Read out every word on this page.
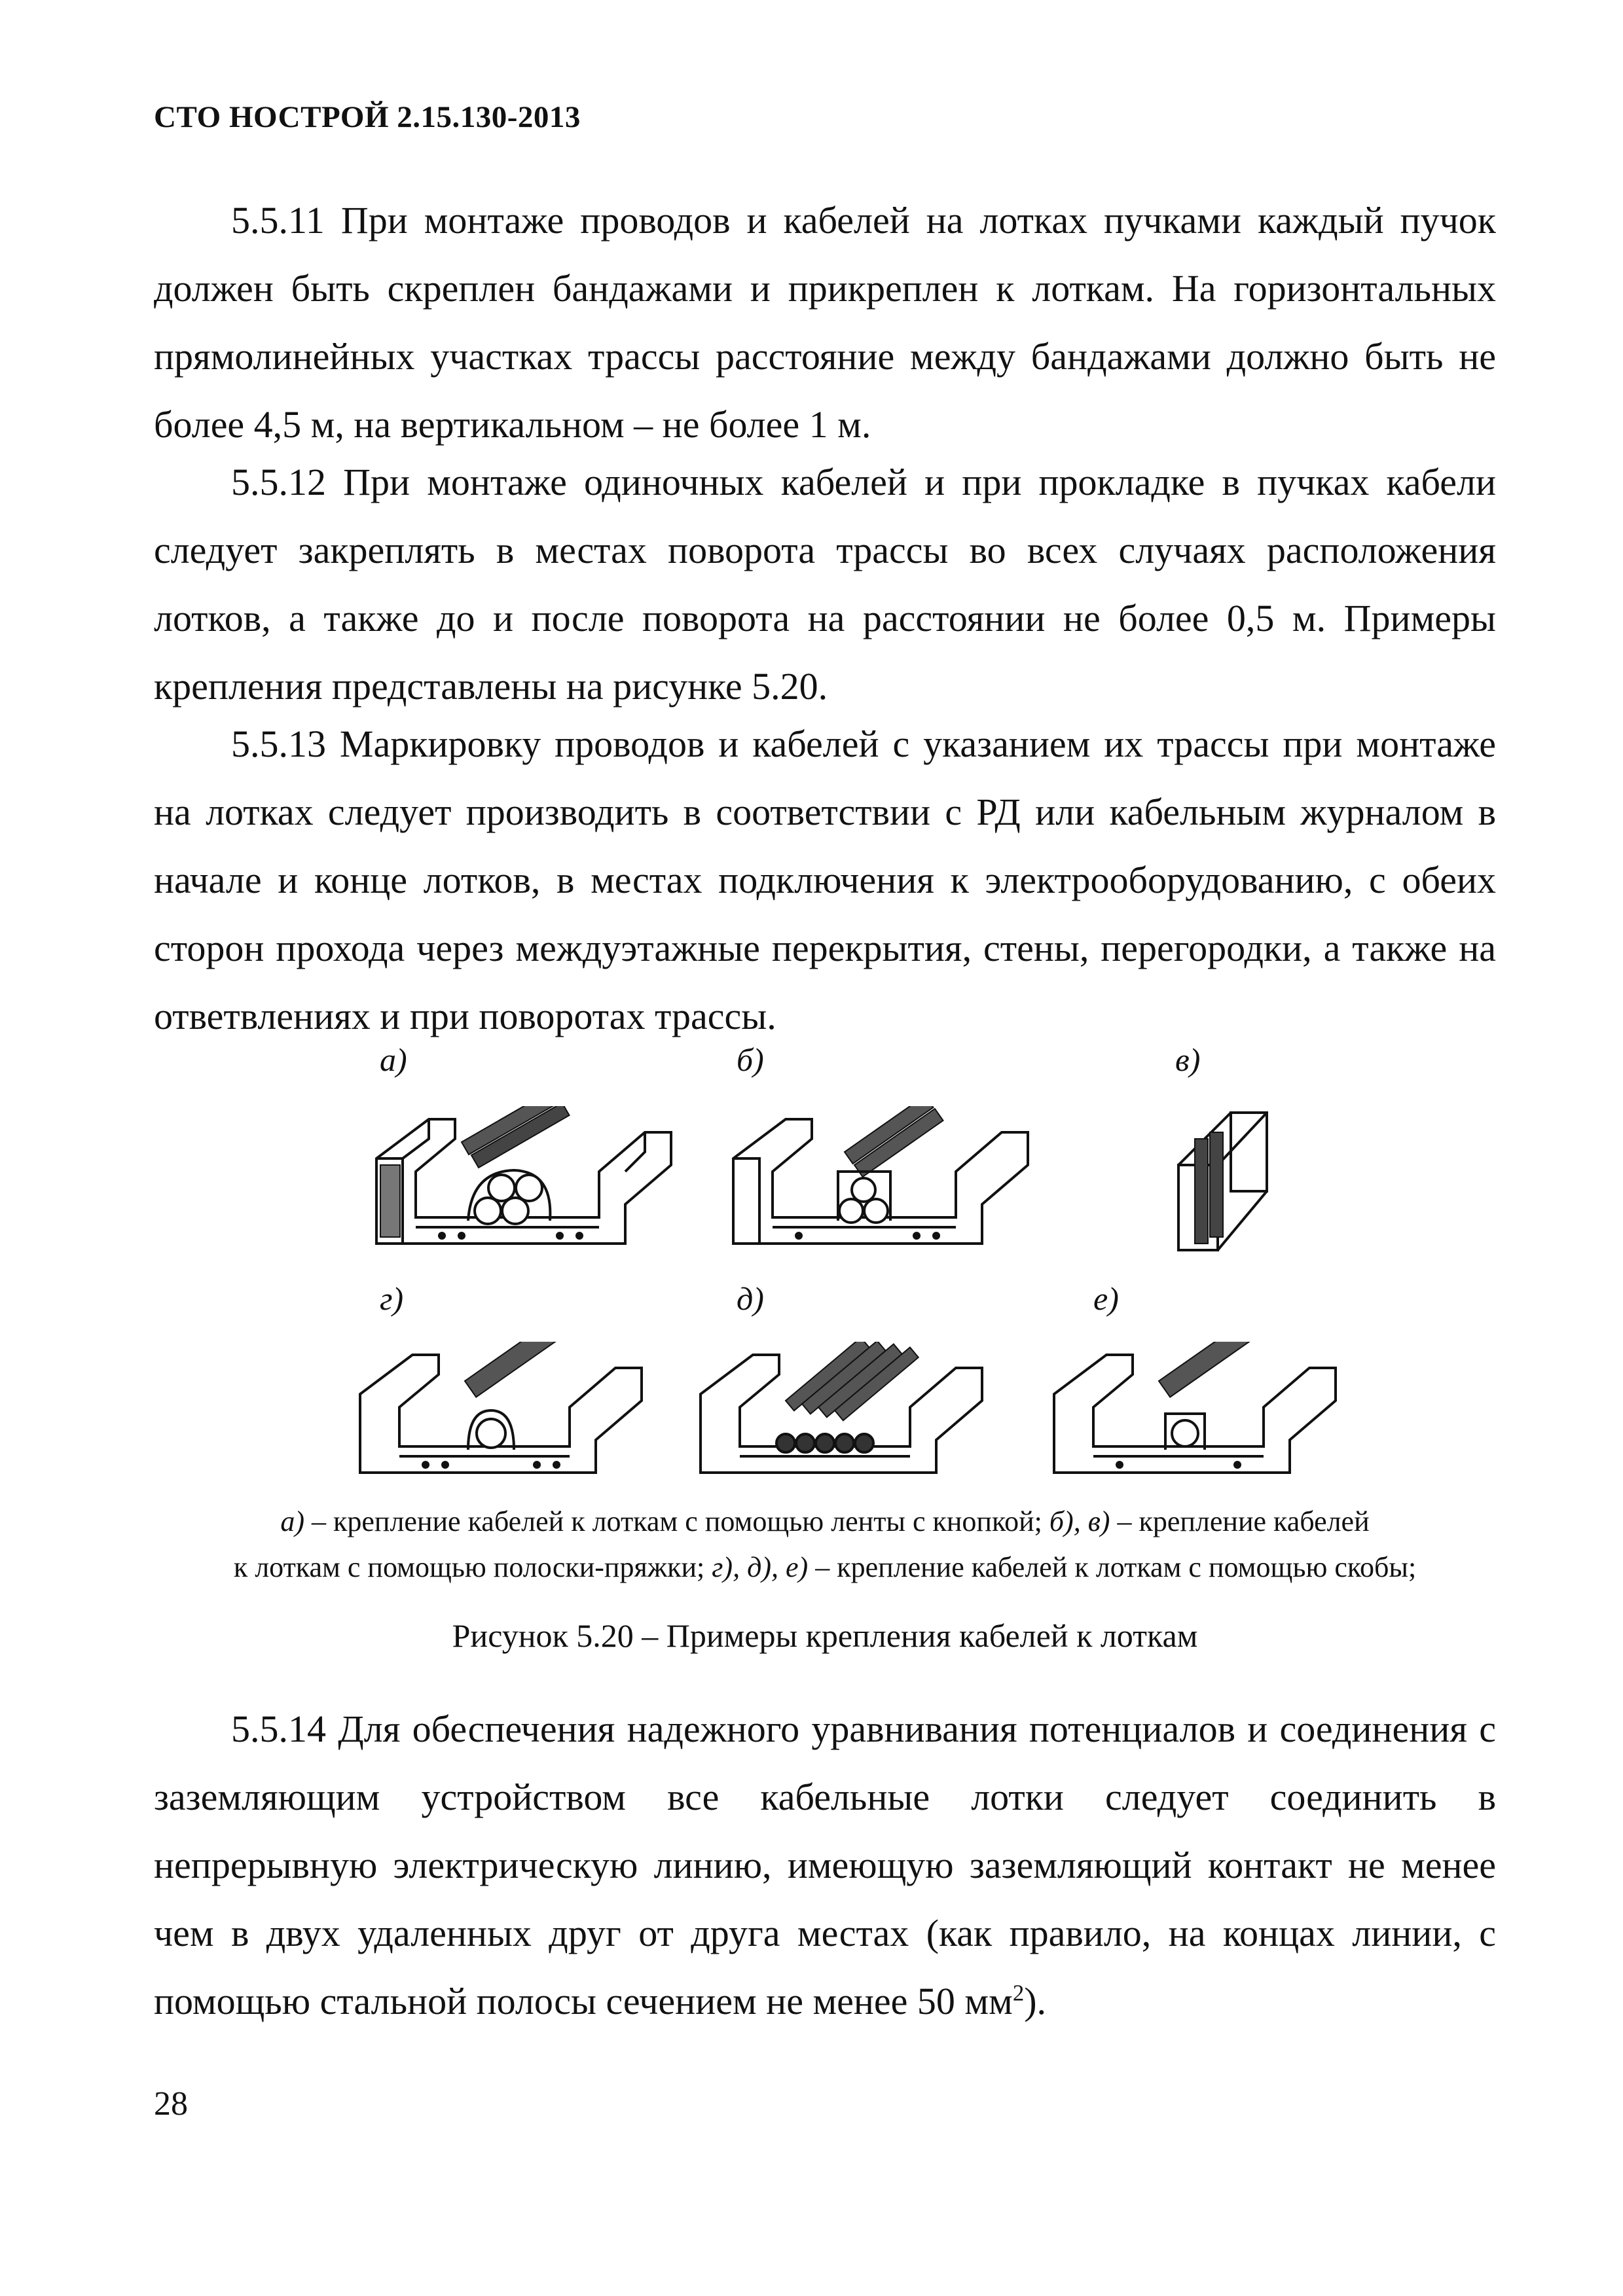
СТО НОСТРОЙ 2.15.130-2013
5.5.11 При монтаже проводов и кабелей на лотках пучками каждый пучок должен быть скреплен бандажами и прикреплен к лоткам. На горизонтальных прямолинейных участках трассы расстояние между бандажами должно быть не более 4,5 м, на вертикальном – не более 1 м.
5.5.12 При монтаже одиночных кабелей и при прокладке в пучках кабели следует закреплять в местах поворота трассы во всех случаях расположения лотков, а также до и после поворота на расстоянии не более 0,5 м. Примеры крепления представлены на рисунке 5.20.
5.5.13 Маркировку проводов и кабелей с указанием их трассы при монтаже на лотках следует производить в соответствии с РД или кабельным журналом в начале и конце лотков, в местах подключения к электрооборудованию, с обеих сторон прохода через междуэтажные перекрытия, стены, перегородки, а также на ответвлениях и при поворотах трассы.
а)	б)	в)
г)	д)	е)
а) – крепление кабелей к лоткам с помощью ленты с кнопкой; б), в) – крепление кабелей
к лоткам с помощью полоски-пряжки; г), д), е) – крепление кабелей к лоткам с помощью скобы;
Рисунок 5.20 – Примеры крепления кабелей к лоткам
5.5.14 Для обеспечения надежного уравнивания потенциалов и соединения с заземляющим устройством все кабельные лотки следует соединить в непрерывную электрическую линию, имеющую заземляющий контакт не менее чем в двух удаленных друг от друга местах (как правило, на концах линии, с помощью стальной полосы сечением не менее 50 $мм^2$).
28
